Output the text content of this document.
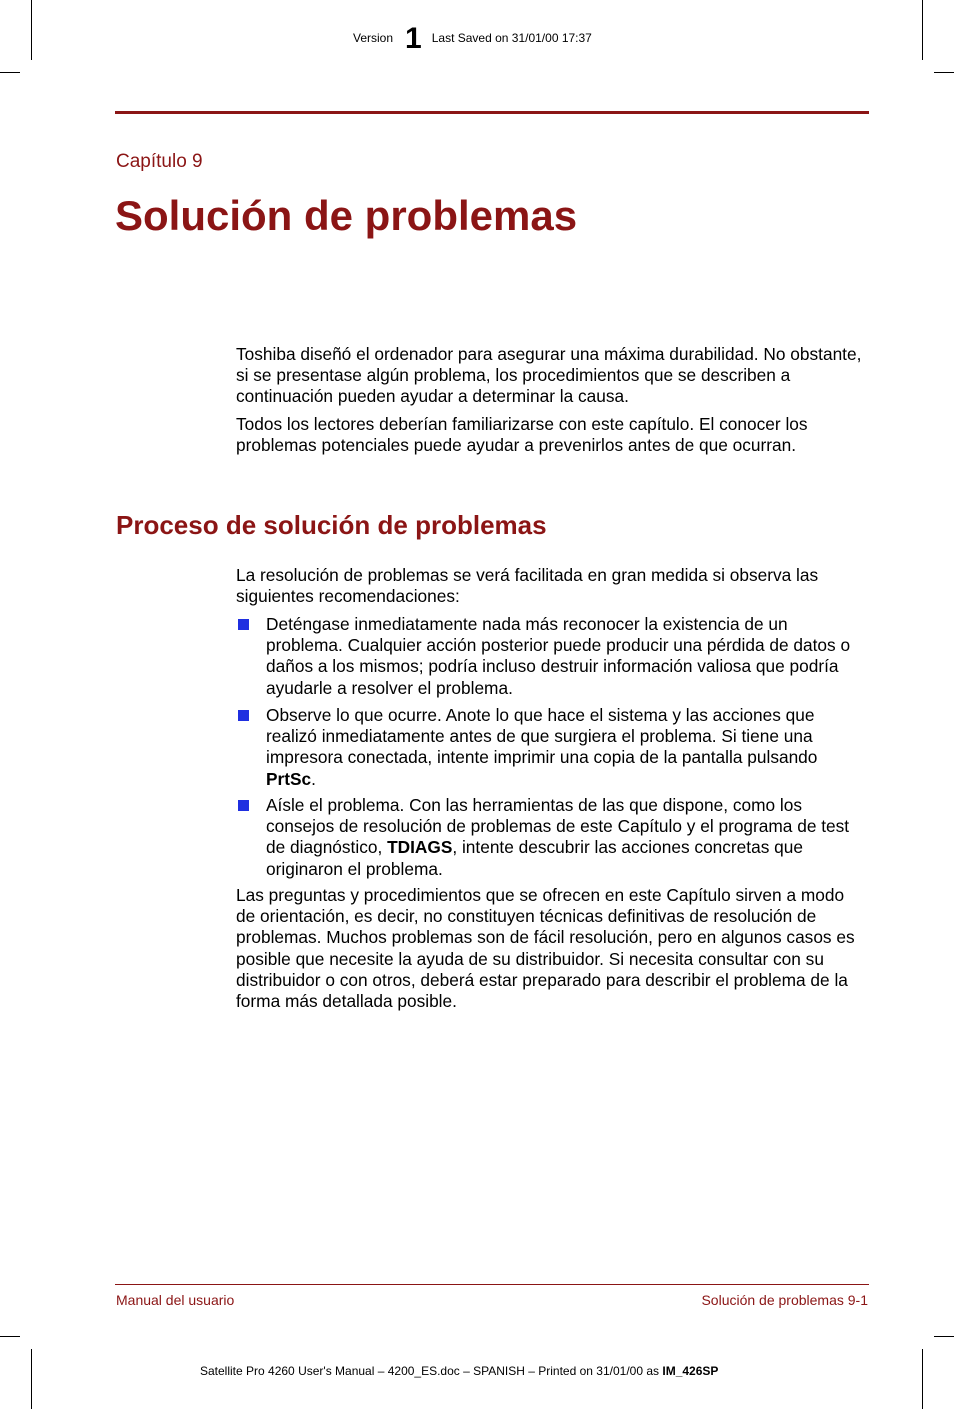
Version 1 Last Saved on 31/01/00 17:37
Capítulo 9
Solución de problemas

Toshiba diseñó el ordenador para asegurar una máxima durabilidad. No obstante, si se presentase algún problema, los procedimientos que se describen a continuación pueden ayudar a determinar la causa.

Todos los lectores deberían familiarizarse con este capítulo. El conocer los problemas potenciales puede ayudar a prevenirlos antes de que ocurran.

Proceso de solución de problemas

La resolución de problemas se verá facilitada en gran medida si observa las siguientes recomendaciones:

Deténgase inmediatamente nada más reconocer la existencia de un problema. Cualquier acción posterior puede producir una pérdida de datos o daños a los mismos; podría incluso destruir información valiosa que podría ayudarle a resolver el problema.
Observe lo que ocurre. Anote lo que hace el sistema y las acciones que realizó inmediatamente antes de que surgiera el problema. Si tiene una impresora conectada, intente imprimir una copia de la pantalla pulsando PrtSc.
Aísle el problema. Con las herramientas de las que dispone, como los consejos de resolución de problemas de este Capítulo y el programa de test de diagnóstico, TDIAGS, intente descubrir las acciones concretas que originaron el problema.

Las preguntas y procedimientos que se ofrecen en este Capítulo sirven a modo de orientación, es decir, no constituyen técnicas definitivas de resolución de problemas. Muchos problemas son de fácil resolución, pero en algunos casos es posible que necesite la ayuda de su distribuidor. Si necesita consultar con su distribuidor o con otros, deberá estar preparado para describir el problema de la forma más detallada posible.

Manual del usuario	Solución de problemas 9-1
Satellite Pro 4260 User's Manual – 4200_ES.doc – SPANISH – Printed on 31/01/00 as IM_426SP
